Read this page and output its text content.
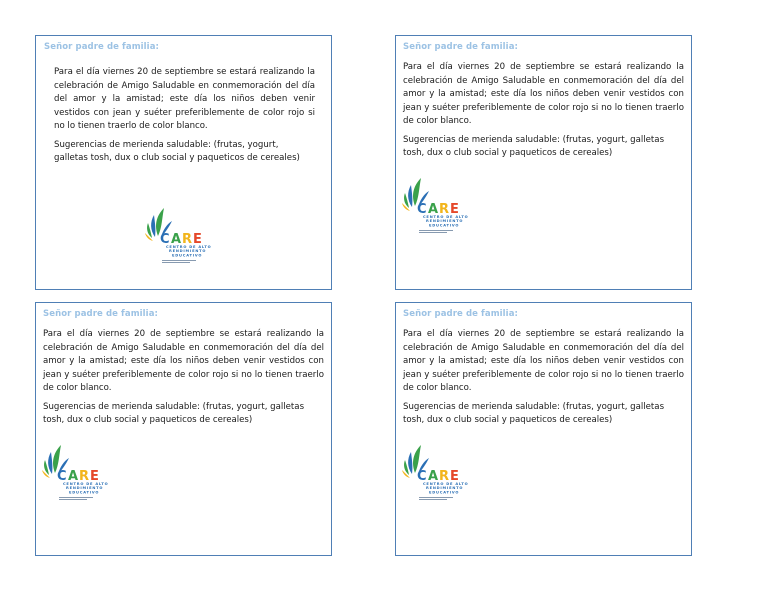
Señor padre de familia:

Para el día viernes 20 de septiembre se estará realizando la celebración de Amigo Saludable en conmemoración del día del amor y la amistad; este día los niños deben venir vestidos con jean y suéter preferiblemente de color rojo si no lo tienen traerlo de color blanco.

Sugerencias de merienda saludable: (frutas, yogurt, galletas tosh, dux o club social y paqueticos de cereales)

C A R E
CENTRO DE ALTO
RENDIMIENTO
EDUCATIVO
Señor padre de familia:

Para el día viernes 20 de septiembre se estará realizando la celebración de Amigo Saludable en conmemoración del día del amor y la amistad; este día los niños deben venir vestidos con jean y suéter preferiblemente de color rojo si no lo tienen traerlo de color blanco.

Sugerencias de merienda saludable: (frutas, yogurt, galletas tosh, dux o club social y paqueticos de cereales)

C A R E
CENTRO DE ALTO
RENDIMIENTO
EDUCATIVO
Señor padre de familia:

Para el día viernes 20 de septiembre se estará realizando la celebración de Amigo Saludable en conmemoración del día del amor y la amistad; este día los niños deben venir vestidos con jean y suéter preferiblemente de color rojo si no lo tienen traerlo de color blanco.

Sugerencias de merienda saludable: (frutas, yogurt, galletas tosh, dux o club social y paqueticos de cereales)

C A R E
CENTRO DE ALTO
RENDIMIENTO
EDUCATIVO
Señor padre de familia:

Para el día viernes 20 de septiembre se estará realizando la celebración de Amigo Saludable en conmemoración del día del amor y la amistad; este día los niños deben venir vestidos con jean y suéter preferiblemente de color rojo si no lo tienen traerlo de color blanco.

Sugerencias de merienda saludable: (frutas, yogurt, galletas tosh, dux o club social y paqueticos de cereales)

C A R E
CENTRO DE ALTO
RENDIMIENTO
EDUCATIVO
